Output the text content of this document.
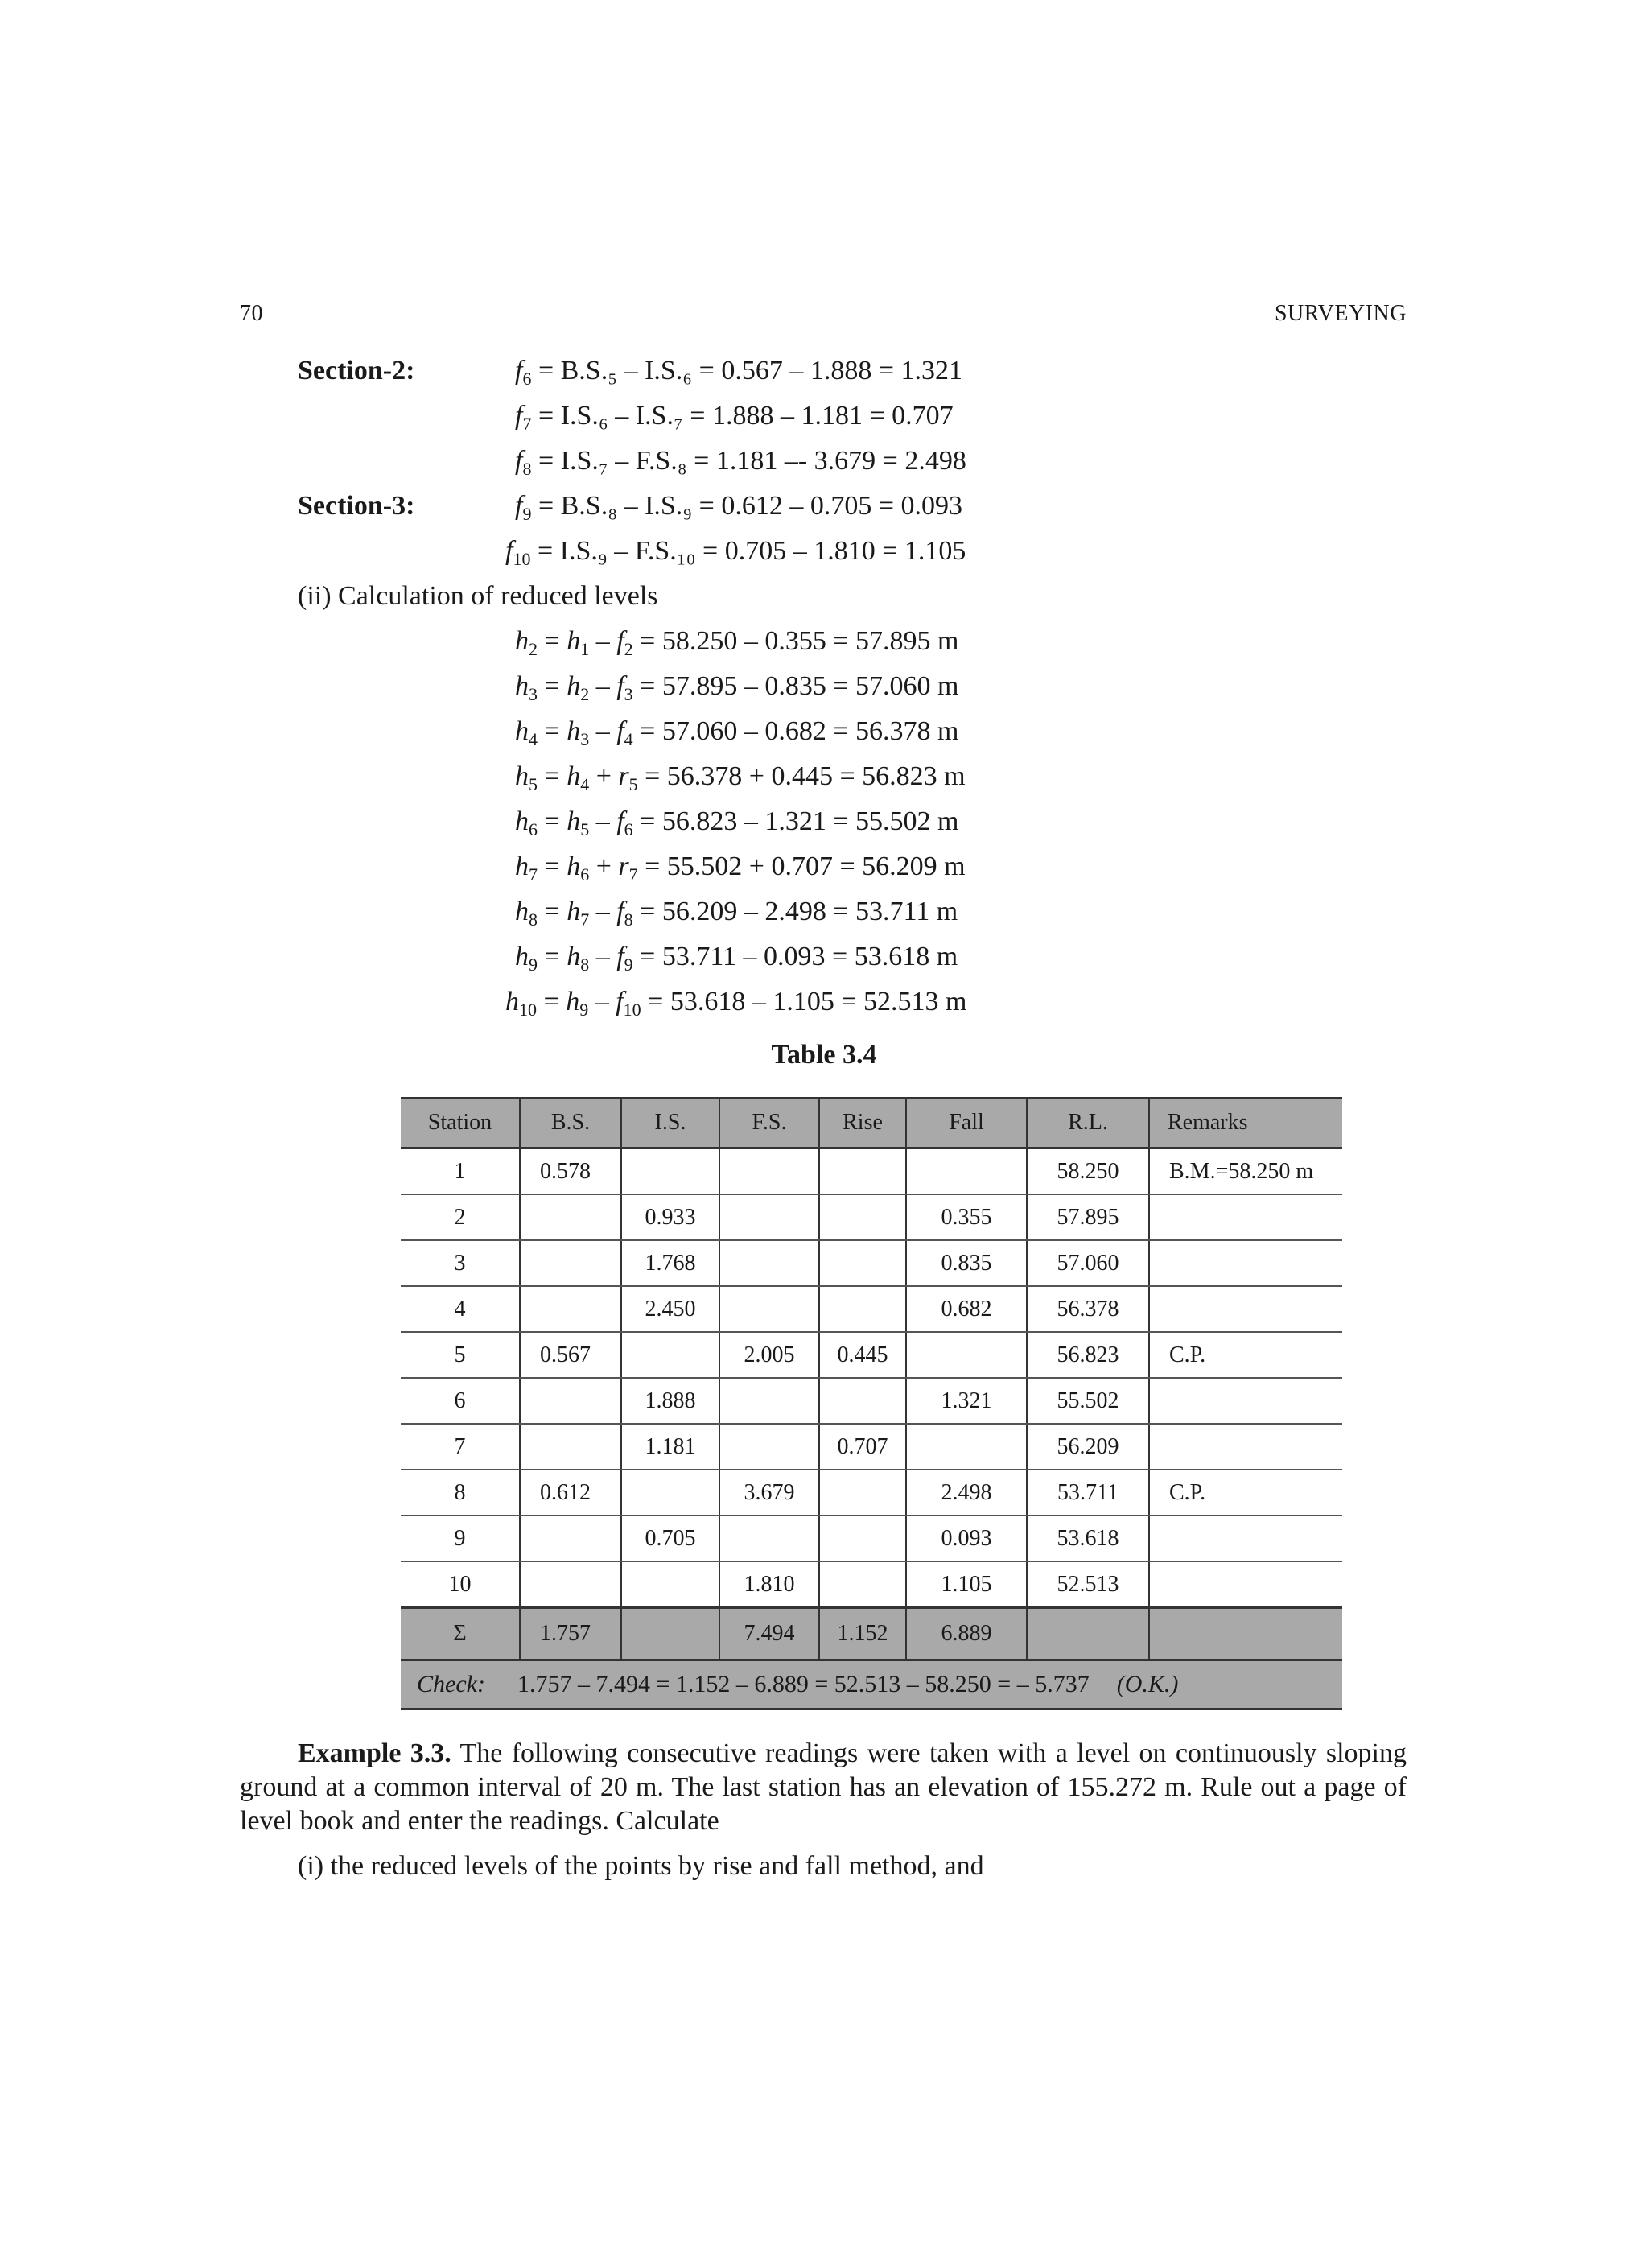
70	SURVEYING
Section-2:
Section-3:
$f_6 = B.S._5 - I.S._6 = 0.567 - 1.888 = 1.321$
$f_7 = I.S._6 - I.S._7 = 1.888 - 1.181 = 0.707$
$f_8 = I.S._7 - F.S._8 = 1.181 -- 3.679 = 2.498$
$f_9 = B.S._8 - I.S._9 = 0.612 - 0.705 = 0.093$
$f_{10} = I.S._9 - F.S._{10} = 0.705 - 1.810 = 1.105$
(ii) Calculation of reduced levels
$h_2 = h_1 - f_2 = 58.250 - 0.355 = 57.895$ m
$h_3 = h_2 - f_3 = 57.895 - 0.835 = 57.060$ m
$h_4 = h_3 - f_4 = 57.060 - 0.682 = 56.378$ m
$h_5 = h_4 + r_5 = 56.378 + 0.445 = 56.823$ m
$h_6 = h_5 - f_6 = 56.823 - 1.321 = 55.502$ m
$h_7 = h_6 + r_7 = 55.502 + 0.707 = 56.209$ m
$h_8 = h_7 - f_8 = 56.209 - 2.498 = 53.711$ m
$h_9 = h_8 - f_9 = 53.711 - 0.093 = 53.618$ m
$h_{10} = h_9 - f_{10} = 53.618 - 1.105 = 52.513$ m
Table 3.4
Station	B.S.	I.S.	F.S.	Rise	Fall	R.L.	Remarks
1	0.578					58.250	B.M.=58.250 m
2		0.933			0.355	57.895	
3		1.768			0.835	57.060	
4		2.450			0.682	56.378	
5	0.567		2.005	0.445		56.823	C.P.
6		1.888			1.321	55.502	
7		1.181		0.707		56.209	
8	0.612		3.679		2.498	53.711	C.P.
9		0.705			0.093	53.618	
10			1.810		1.105	52.513	
Σ	1.757		7.494	1.152	6.889		
Check: 1.757 – 7.494 = 1.152 – 6.889 = 52.513 – 58.250 = – 5.737 (O.K.)							
Example 3.3. The following consecutive readings were taken with a level on continuously sloping ground at a common interval of 20 m. The last station has an elevation of 155.272 m. Rule out a page of level book and enter the readings. Calculate
(i) the reduced levels of the points by rise and fall method, and
